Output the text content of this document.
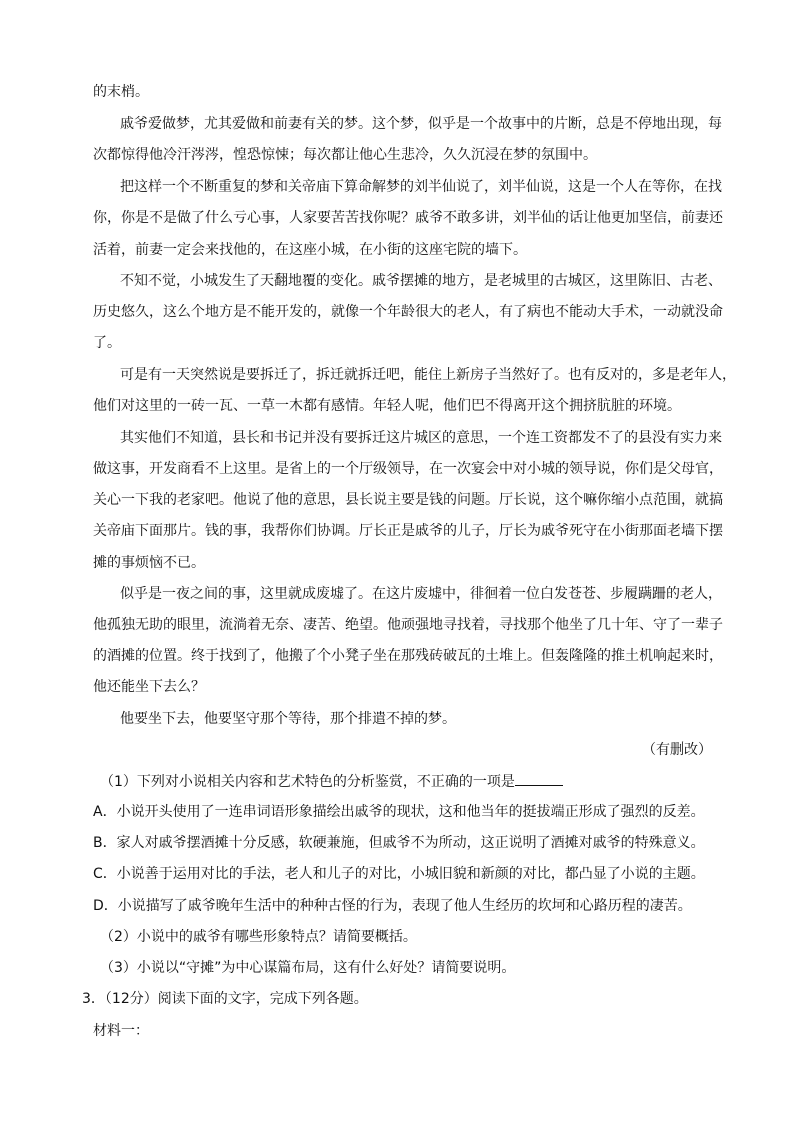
的末梢。
戚爷爱做梦，尤其爱做和前妻有关的梦。这个梦，似乎是一个故事中的片断，总是不停地出现，每
次都惊得他冷汗涔涔，惶恐惊悚；每次都让他心生悲冷，久久沉浸在梦的氛围中。
把这样一个不断重复的梦和关帝庙下算命解梦的刘半仙说了，刘半仙说，这是一个人在等你，在找
你，你是不是做了什么亏心事，人家要苦苦找你呢？戚爷不敢多讲，刘半仙的话让他更加坚信，前妻还
活着，前妻一定会来找他的，在这座小城，在小街的这座宅院的墙下。
不知不觉，小城发生了天翻地覆的变化。戚爷摆摊的地方，是老城里的古城区，这里陈旧、古老、
历史悠久，这么个地方是不能开发的，就像一个年龄很大的老人，有了病也不能动大手术，一动就没命
了。
可是有一天突然说是要拆迁了，拆迁就拆迁吧，能住上新房子当然好了。也有反对的，多是老年人，
他们对这里的一砖一瓦、一草一木都有感情。年轻人呢，他们巴不得离开这个拥挤肮脏的环境。
其实他们不知道，县长和书记并没有要拆迁这片城区的意思，一个连工资都发不了的县没有实力来
做这事，开发商看不上这里。是省上的一个厅级领导，在一次宴会中对小城的领导说，你们是父母官，
关心一下我的老家吧。他说了他的意思，县长说主要是钱的问题。厅长说，这个嘛你缩小点范围，就搞
关帝庙下面那片。钱的事，我帮你们协调。厅长正是戚爷的儿子，厅长为戚爷死守在小街那面老墙下摆
摊的事烦恼不已。
似乎是一夜之间的事，这里就成废墟了。在这片废墟中，徘徊着一位白发苍苍、步履蹒跚的老人，
他孤独无助的眼里，流淌着无奈、凄苦、绝望。他顽强地寻找着，寻找那个他坐了几十年、守了一辈子
的酒摊的位置。终于找到了，他搬了个小凳子坐在那残砖破瓦的土堆上。但轰隆隆的推土机响起来时，
他还能坐下去么？
他要坐下去，他要坚守那个等待，那个排遣不掉的梦。
（有删改）
（1）下列对小说相关内容和艺术特色的分析鉴赏，不正确的一项是
A．小说开头使用了一连串词语形象描绘出戚爷的现状，这和他当年的挺拔端正形成了强烈的反差。
B．家人对戚爷摆酒摊十分反感，软硬兼施，但戚爷不为所动，这正说明了酒摊对戚爷的特殊意义。
C．小说善于运用对比的手法，老人和儿子的对比，小城旧貌和新颜的对比，都凸显了小说的主题。
D．小说描写了戚爷晚年生活中的种种古怪的行为，表现了他人生经历的坎坷和心路历程的凄苦。
（2）小说中的戚爷有哪些形象特点？请简要概括。
（3）小说以“守摊”为中心谋篇布局，这有什么好处？请简要说明。
3．（12分）阅读下面的文字，完成下列各题。
材料一：
